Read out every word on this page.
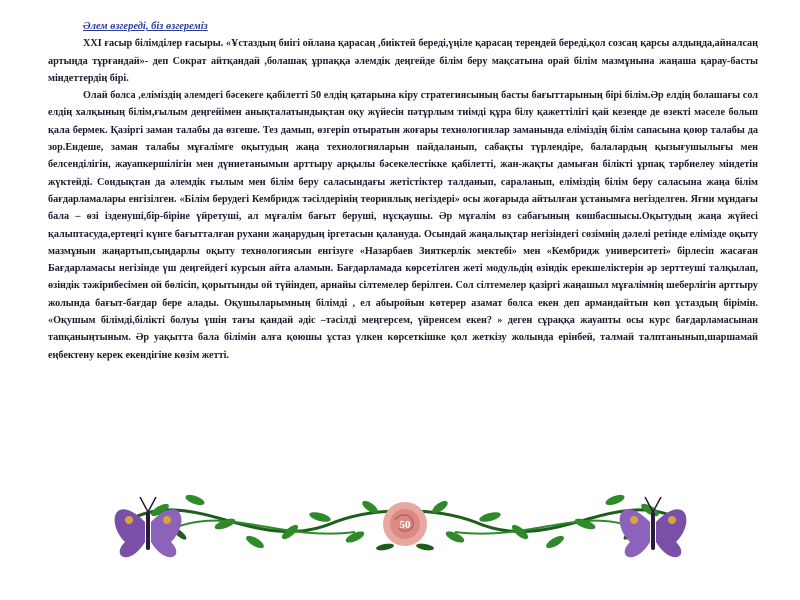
Әлем өзгереді, біз өзгереміз

XXI ғасыр білімділер ғасыры. «Ұстаздың биігі ойлана қарасаң ,биіктей береді,үңіле қарасаң тереңдей береді,қол созсаң қарсы алдыңда,айналсаң артыңда тұрғандай»- деп Сократ айтқандай ,болашақ ұрпаққа әлемдік деңгейде білім беру мақсатына орай білім мазмұнына жаңаша қарау-басты міндеттердің бірі.

Олай болса ,еліміздің әлемдегі бәсекеге қабілетті 50 елдің қатарына кіру стратегиясының басты бағыттарының бірі білім.Әр елдің болашағы сол елдің халқының білім,ғылым деңгейімен анықталатындықтан оқу жүйесін пәтұрлым тиімді құра білу қажеттілігі қай кезеңде де өзекті мәселе болып қала бермек. Қазіргі заман талабы да өзгеше. Тез дамып, өзгеріп отыратын жоғары технологиялар заманында еліміздің білім сапасына қоюр талабы да зор.Ендеше, заман талабы мұғалімге оқытудың жаңа технологияларын пайдаланып, сабақты түрлендіре, балалардың қызығушылығы мен белсенділігін, жауапкершілігін мен дүниетанымын арттыру арқылы бәсекелестікке қабілетті, жан-жақты дамыған білікті ұрпақ тәрбиелеу міндетін жүктейді. Сондықтан да әлемдік ғылым мен білім беру саласындағы жетістіктер талданып, сараланып, еліміздің білім беру саласына жаңа білім бағдарламалары енгізілген. «Білім берудегі Кембридж тәсілдерінің теориялық негіздері» осы жоғарыда айтылған ұстанымға негізделген. Яғни мұндағы бала – өзі ізденуші,бір-біріне үйретуші, ал мұғалім бағыт беруші, нұсқаушы. Әр мұғалім өз сабағының көшбасшысы.Оқытудың жаңа жүйесі қалыптасуда,ертеңгі күнге бағытталған рухани жаңарудың іргетасын қалануда. Осындай жаңалықтар негізіндегі сөзімнің дәлелі ретінде елімізде оқыту мазмұнын жаңартып,сыңдарлы оқыту технологиясын енгізуге «Назарбаев Зияткерлік мектебі» мен «Кембридж университеті» бірлесіп жасаған Бағдарламасы негізінде үш деңгейдегі курсын айта аламын. Бағдарламада көрсетілген жеті модульдің өзіндік ерекшеліктерін әр зерттеуші талқылап, өзіндік тәжірибесімен ой бөлісіп, қорытынды ой түйіндеп, арнайы сілтемелер берілген. Сол сілтемелер қазіргі жаңашыл мұғалімнің шеберлігін арттыру жолында бағыт-бағдар бере алады. Оқушыларымның білімді , ел абыройын көтерер азамат болса екен деп армандайтын көп ұстаздың бірімін. «Оқушым білімді,білікті болуы үшін тағы қандай әдіс –тәсілді меңгерсем, үйренсем екен? » деген сұраққа жауапты осы курс бағдарламасынан тапқаныңтыным. Әр уақытта бала білімін алға қоюшы ұстаз үлкен көрсеткішке қол жеткізу жолында ерінбей, талмай талптанынып,шаршамай еңбектену керек екендігіне көзім жетті.

50
